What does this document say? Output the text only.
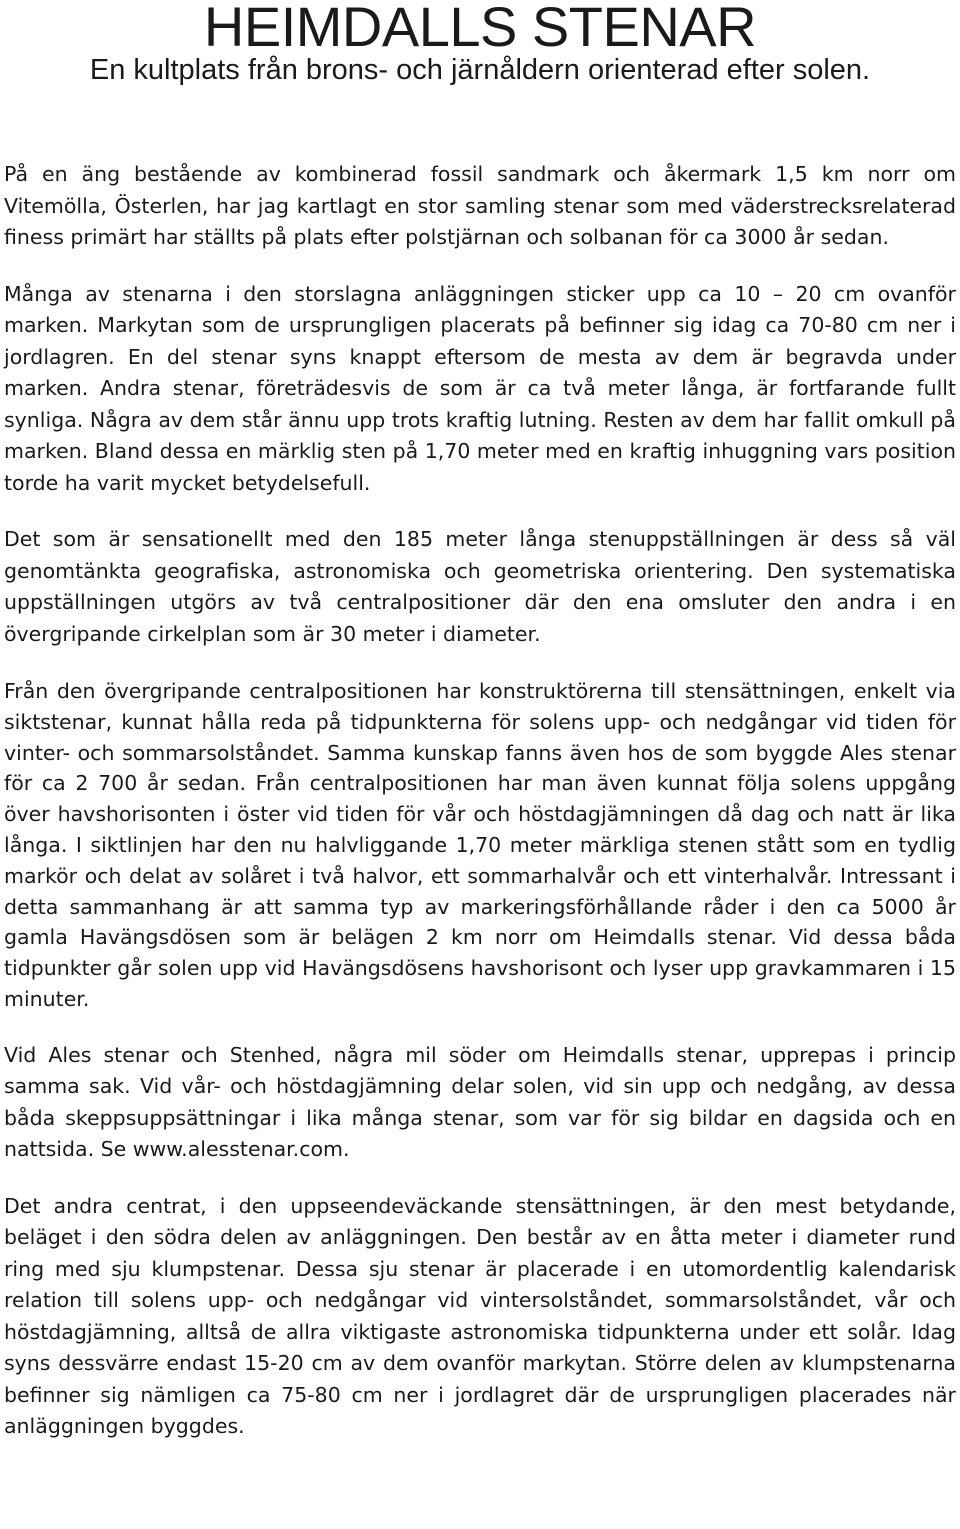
HEIMDALLS STENAR
En kultplats från brons- och järnåldern orienterad efter solen.

På en äng bestående av kombinerad fossil sandmark och åkermark 1,5 km norr om Vitemölla, Österlen, har jag kartlagt en stor samling stenar som med väderstrecksrelaterad finess primärt har ställts på plats efter polstjärnan och solbanan för ca 3000 år sedan.

Många av stenarna i den storslagna anläggningen sticker upp ca 10 – 20 cm ovanför marken. Markytan som de ursprungligen placerats på befinner sig idag ca 70-80 cm ner i jordlagren. En del stenar syns knappt eftersom de mesta av dem är begravda under marken. Andra stenar, företrädesvis de som är ca två meter långa, är fortfarande fullt synliga. Några av dem står ännu upp trots kraftig lutning. Resten av dem har fallit omkull på marken. Bland dessa en märklig sten på 1,70 meter med en kraftig inhuggning vars position torde ha varit mycket betydelsefull.

Det som är sensationellt med den 185 meter långa stenuppställningen är dess så väl genomtänkta geografiska, astronomiska och geometriska orientering. Den systematiska uppställningen utgörs av två centralpositioner där den ena omsluter den andra i en övergripande cirkelplan som är 30 meter i diameter.

Från den övergripande centralpositionen har konstruktörerna till stensättningen, enkelt via siktstenar, kunnat hålla reda på tidpunkterna för solens upp- och nedgångar vid tiden för vinter- och sommarsolståndet. Samma kunskap fanns även hos de som byggde Ales stenar för ca 2 700 år sedan. Från centralpositionen har man även kunnat följa solens uppgång över havshorisonten i öster vid tiden för vår och höstdagjämningen då dag och natt är lika långa. I siktlinjen har den nu halvliggande 1,70 meter märkliga stenen stått som en tydlig markör och delat av solåret i två halvor, ett sommarhalvår och ett vinterhalvår. Intressant i detta sammanhang är att samma typ av markeringsförhållande råder i den ca 5000 år gamla Havängsdösen som är belägen 2 km norr om Heimdalls stenar. Vid dessa båda tidpunkter går solen upp vid Havängsdösens havshorisont och lyser upp gravkammaren i 15 minuter.

Vid Ales stenar och Stenhed, några mil söder om Heimdalls stenar, upprepas i princip samma sak. Vid vår- och höstdagjämning delar solen, vid sin upp och nedgång, av dessa båda skeppsuppsättningar i lika många stenar, som var för sig bildar en dagsida och en nattsida. Se www.alesstenar.com.

Det andra centrat, i den uppseendeväckande stensättningen, är den mest betydande, beläget i den södra delen av anläggningen. Den består av en åtta meter i diameter rund ring med sju klumpstenar. Dessa sju stenar är placerade i en utomordentlig kalendarisk relation till solens upp- och nedgångar vid vintersolståndet, sommarsolståndet, vår och höstdagjämning, alltså de allra viktigaste astronomiska tidpunkterna under ett solår. Idag syns dessvärre endast 15-20 cm av dem ovanför markytan. Större delen av klumpstenarna befinner sig nämligen ca 75-80 cm ner i jordlagret där de ursprungligen placerades när anläggningen byggdes.
